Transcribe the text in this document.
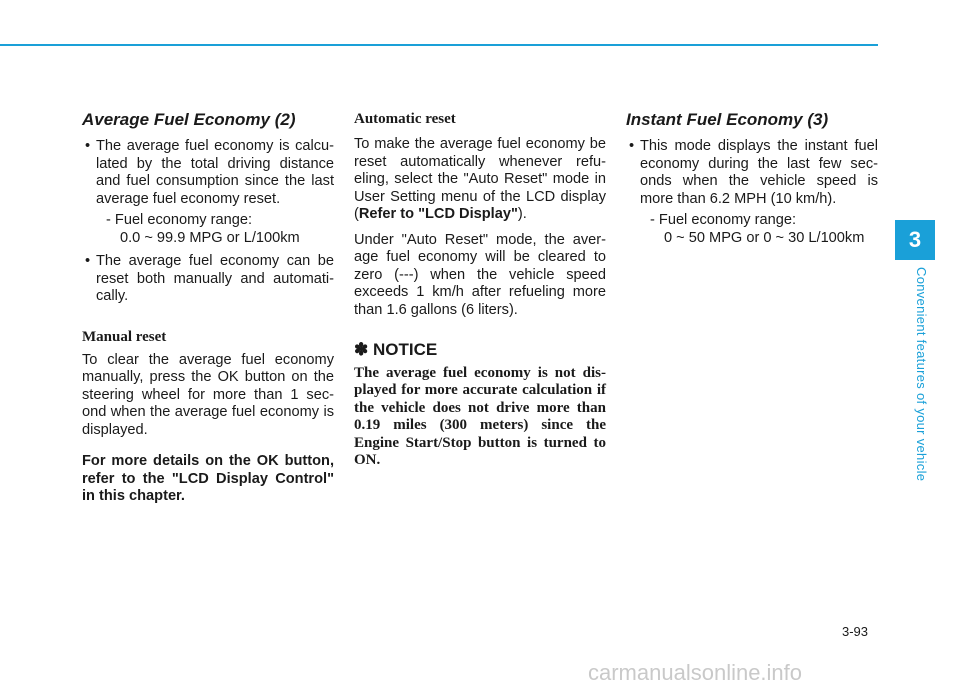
Average Fuel Economy (2)
• The average fuel economy is calcu-lated by the total driving distance and fuel consumption since the last average fuel economy reset.
- Fuel economy range:
0.0 ~ 99.9 MPG or L/100km
• The average fuel economy can be reset both manually and automati-cally.
Manual reset

To clear the average fuel economy manually, press the OK button on the steering wheel for more than 1 sec-ond when the average fuel economy is displayed.

For more details on the OK button, refer to the "LCD Display Control" in this chapter.

Automatic reset

To make the average fuel economy be reset automatically whenever refu-eling, select the "Auto Reset" mode in User Setting menu of the LCD display (Refer to "LCD Display").

Under "Auto Reset" mode, the aver-age fuel economy will be cleared to zero (---) when the vehicle speed exceeds 1 km/h after refueling more than 1.6 gallons (6 liters).

✽ NOTICE
The average fuel economy is not dis-played for more accurate calculation if the vehicle does not drive more than 0.19 miles (300 meters) since the Engine Start/Stop button is turned to ON.
Instant Fuel Economy (3)
• This mode displays the instant fuel economy during the last few sec-onds when the vehicle speed is more than 6.2 MPH (10 km/h).
- Fuel economy range:
0 ~ 50 MPG or 0 ~ 30 L/100km	3
Convenient features of your vehicle
3-93
carmanualsonline.info
